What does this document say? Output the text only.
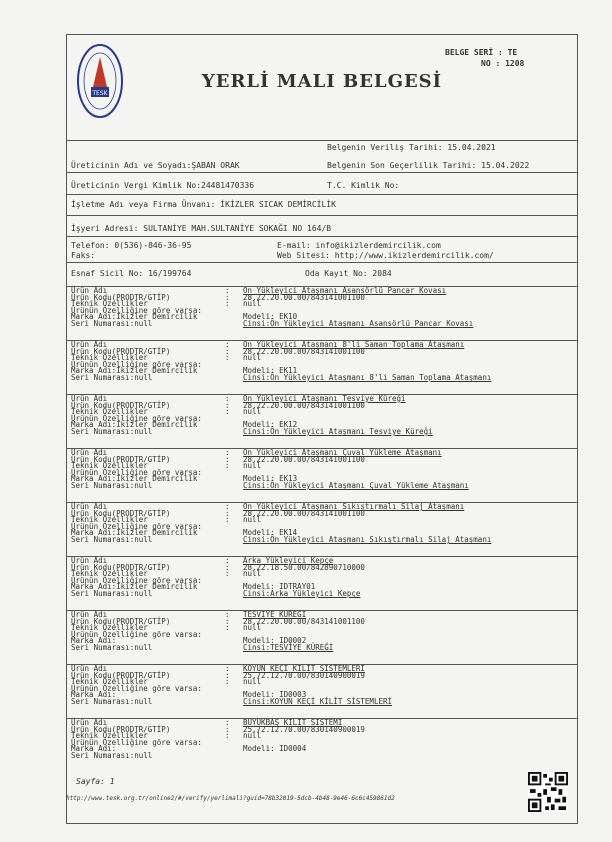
TESK
YERLİ MALI BELGESİ
BELGE SERİ : TE
NO : 1208
Belgenin Veriliş Tarihi: 15.04.2021
Üreticinin Adı ve Soyadı:ŞABAN ORAK	Belgenin Son Geçerlilik Tarihi: 15.04.2022
Üreticinin Vergi Kimlik No:24481470336	T.C. Kimlik No:
İşletme Adı veya Firma Ünvanı: İKİZLER SICAK DEMİRCİLİK
İşyeri Adresi: SULTANİYE MAH.SULTANİYE SOKAĞI NO 164/B
Telefon: 0(536)-846-36-95	E-mail: info@ikizlerdemircilik.com
Faks:	Web Sitesi: http://www.ikizlerdemircilik.com/
Esnaf Sicil No: 16/199764	Oda Kayıt No: 2084
Ürün Adı	: Ön Yükleyici Ataşmanı Asansörlü Pancar Kovası
Ürün Kodu(PRODTR/GTİP)	: 28.22.20.00.00/843141001100
Teknik Özellikler	: null
Ürünün Özelliğine göre varsa:
Marka Adı:İkizler Demircilik	Modeli: EK10
Seri Numarası:null	Cinsi:Ön Yükleyici Ataşmanı Asansörlü Pancar Kovası
Ürün Adı	: Ön Yükleyici Ataşmanı 8'li Saman Toplama Ataşmanı
Ürün Kodu(PRODTR/GTİP)	: 28.22.20.00.00/843141001100
Teknik Özellikler	: null
Ürünün Özelliğine göre varsa:
Marka Adı:İkizler Demircilik	Modeli: EK11
Seri Numarası:null	Cinsi:Ön Yükleyici Ataşmanı 8'li Saman Toplama Ataşmanı
Ürün Adı	: Ön Yükleyici Ataşmanı Tesviye Küreği
Ürün Kodu(PRODTR/GTİP)	: 28.22.20.00.00/843141001100
Teknik Özellikler	: null
Ürünün Özelliğine göre varsa:
Marka Adı:İkizler Demircilik	Modeli: EK12
Seri Numarası:null	Cinsi:Ön Yükleyici Ataşmanı Tesviye Küreği
Ürün Adı	: Ön Yükleyici Ataşmanı Çuval Yükleme Ataşmanı
Ürün Kodu(PRODTR/GTİP)	: 28.22.20.00.00/843141001100
Teknik Özellikler	: null
Ürünün Özelliğine göre varsa:
Marka Adı:İkizler Demircilik	Modeli: EK13
Seri Numarası:null	Cinsi:Ön Yükleyici Ataşmanı Çuval Yükleme Ataşmanı
Ürün Adı	: Ön Yükleyici Ataşmanı Sıkıştırmalı Silaj Ataşmanı
Ürün Kodu(PRODTR/GTİP)	: 28.22.20.00.00/843141001100
Teknik Özellikler	: null
Ürünün Özelliğine göre varsa:
Marka Adı:İkizler Demircilik	Modeli: EK14
Seri Numarası:null	Cinsi:Ön Yükleyici Ataşmanı Sıkıştırmalı Silaj Ataşmanı
Ürün Adı	: Arka Yükleyici Kepçe
Ürün Kodu(PRODTR/GTİP)	: 28.22.18.50.00/842890710000
Teknik Özellikler	: null
Ürünün Özelliğine göre varsa:
Marka Adı:İkizler Demircilik	Modeli: IDTRAY01
Seri Numarası:null	Cinsi:Arka Yükleyici Kepçe
Ürün Adı	: TESVİYE KÜREĞİ
Ürün Kodu(PRODTR/GTİP)	: 28.22.20.00.00/843141001100
Teknik Özellikler	: null
Ürünün Özelliğine göre varsa:
Marka Adı:	Modeli: ID0002
Seri Numarası:null	Cinsi:TESVİYE KÜREĞİ
Ürün Adı	: KOYUN KEÇİ KİLİT SİSTEMLERİ
Ürün Kodu(PRODTR/GTİP)	: 25.72.12.70.00/830140900019
Teknik Özellikler	: null
Ürünün Özelliğine göre varsa:
Marka Adı:	Modeli: ID0003
Seri Numarası:null	Cinsi:KOYUN KEÇİ KİLİT SİSTEMLERİ
Ürün Adı	: BÜYÜKBAŞ KİLİT SİSTEMİ
Ürün Kodu(PRODTR/GTİP)	: 25.72.12.70.00/830140900019
Teknik Özellikler	: null
Ürünün Özelliğine göre varsa:
Marka Adı:	Modeli: ID0004
Seri Numarası:null
Sayfa: 1
http://www.tesk.org.tr/online2/#/verify/yerlimali?guid=78b32019-5dcb-4b48-9e46-6c6c459861d2
